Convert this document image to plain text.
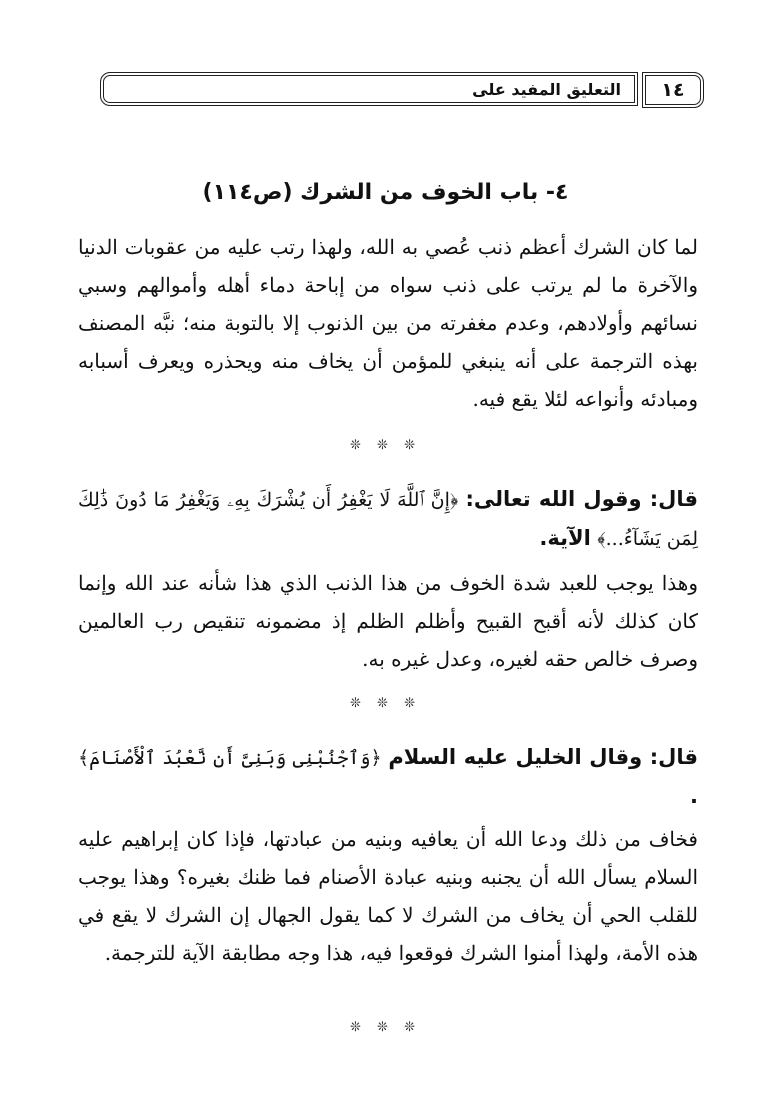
١٤
التعليق المفيد على
٤- باب الخوف من الشرك (ص١١٤)
لما كان الشرك أعظم ذنب عُصي به الله، ولهذا رتب عليه من عقوبات الدنيا والآخرة ما لم يرتب على ذنب سواه من إباحة دماء أهله وأموالهم وسبي نسائهم وأولادهم، وعدم مغفرته من بين الذنوب إلا بالتوبة منه؛ نبَّه المصنف بهذه الترجمة على أنه ينبغي للمؤمن أن يخاف منه ويحذره ويعرف أسبابه ومبادئه وأنواعه لئلا يقع فيه.
❊ ❊ ❊
قال: وقول الله تعالى: ﴿إِنَّ ٱللَّهَ لَا يَغْفِرُ أَن يُشْرَكَ بِهِۦ وَيَغْفِرُ مَا دُونَ ذَٰلِكَ لِمَن يَشَآءُ...﴾ الآية.
وهذا يوجب للعبد شدة الخوف من هذا الذنب الذي هذا شأنه عند الله وإنما كان كذلك لأنه أقبح القبيح وأظلم الظلم إذ مضمونه تنقيص رب العالمين وصرف خالص حقه لغيره، وعدل غيره به.
❊ ❊ ❊
قال: وقال الخليل عليه السلام ﴿وَٱجْنُبْنِى وَبَنِىَّ أَن نَّعْبُدَ ٱلْأَصْنَامَ﴾ .
فخاف من ذلك ودعا الله أن يعافيه وبنيه من عبادتها، فإذا كان إبراهيم عليه السلام يسأل الله أن يجنبه وبنيه عبادة الأصنام فما ظنك بغيره؟ وهذا يوجب للقلب الحي أن يخاف من الشرك لا كما يقول الجهال إن الشرك لا يقع في هذه الأمة، ولهذا أمنوا الشرك فوقعوا فيه، هذا وجه مطابقة الآية للترجمة.
❊ ❊ ❊
